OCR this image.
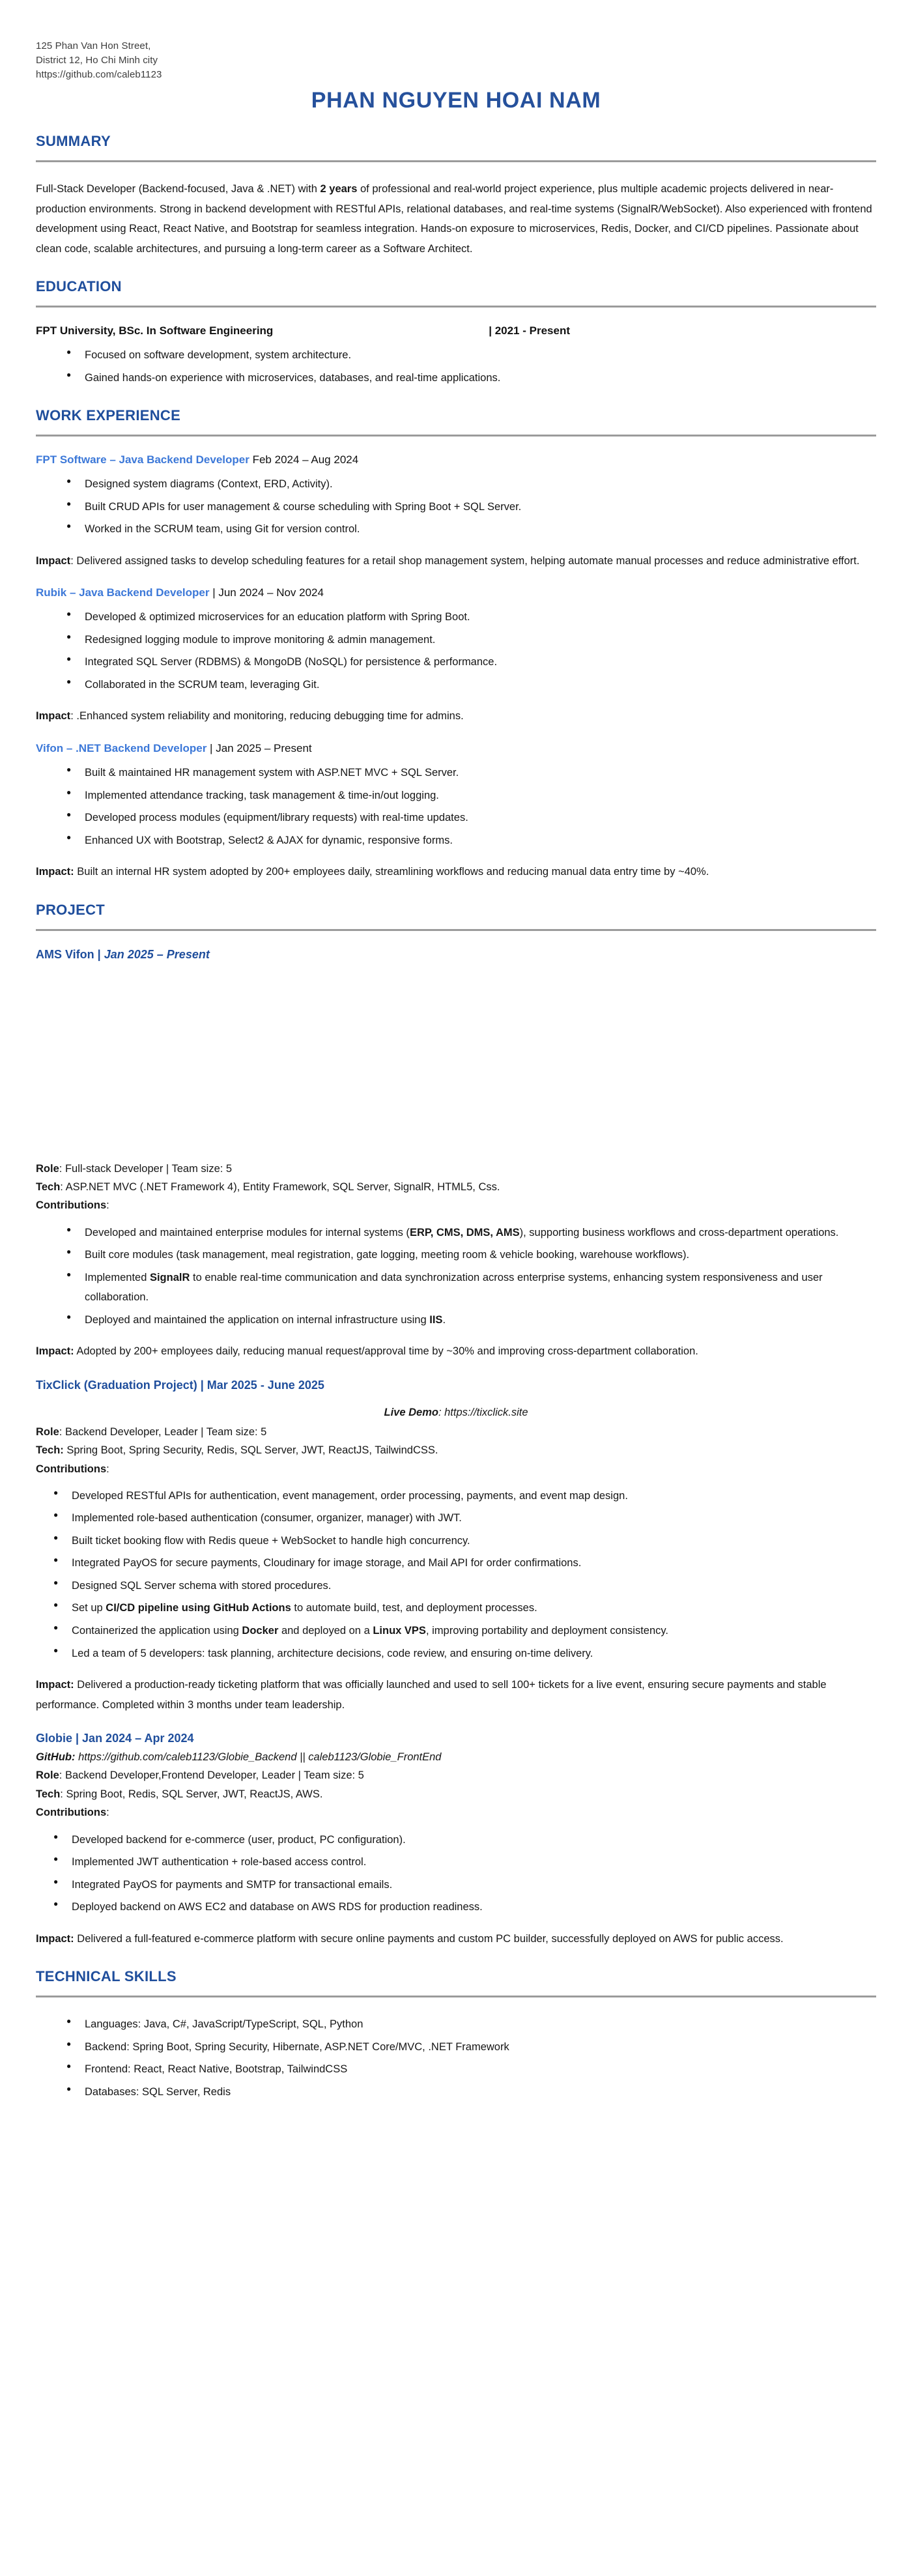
125 Phan Van Hon Street,
District 12, Ho Chi Minh city
https://github.com/caleb1123
PHAN NGUYEN HOAI NAM
SUMMARY

Full-Stack Developer (Backend-focused, Java & .NET) with 2 years of professional and real-world project experience, plus multiple academic projects delivered in near-production environments. Strong in backend development with RESTful APIs, relational databases, and real-time systems (SignalR/WebSocket). Also experienced with frontend development using React, React Native, and Bootstrap for seamless integration. Hands-on exposure to microservices, Redis, Docker, and CI/CD pipelines. Passionate about clean code, scalable architectures, and pursuing a long-term career as a Software Architect.

EDUCATION
FPT University, BSc. In Software Engineering	| 2021 - Present
● Focused on software development, system architecture.
● Gained hands-on experience with microservices, databases, and real-time applications.
WORK EXPERIENCE
FPT Software – Java Backend Developer Feb 2024 – Aug 2024
● Designed system diagrams (Context, ERD, Activity).
● Built CRUD APIs for user management & course scheduling with Spring Boot + SQL Server.
● Worked in the SCRUM team, using Git for version control.

Impact: Delivered assigned tasks to develop scheduling features for a retail shop management system, helping automate manual processes and reduce administrative effort.

Rubik – Java Backend Developer | Jun 2024 – Nov 2024
● Developed & optimized microservices for an education platform with Spring Boot.
● Redesigned logging module to improve monitoring & admin management.
● Integrated SQL Server (RDBMS) & MongoDB (NoSQL) for persistence & performance.
● Collaborated in the SCRUM team, leveraging Git.

Impact: .Enhanced system reliability and monitoring, reducing debugging time for admins.

Vifon – .NET Backend Developer | Jan 2025 – Present
● Built & maintained HR management system with ASP.NET MVC + SQL Server.
● Implemented attendance tracking, task management & time-in/out logging.
● Developed process modules (equipment/library requests) with real-time updates.
● Enhanced UX with Bootstrap, Select2 & AJAX for dynamic, responsive forms.

Impact: Built an internal HR system adopted by 200+ employees daily, streamlining workflows and reducing manual data entry time by ~40%.

PROJECT
AMS Vifon | Jan 2025 – Present

Role: Full-stack Developer | Team size: 5

Tech: ASP.NET MVC (.NET Framework 4), Entity Framework, SQL Server, SignalR, HTML5, Css.

Contributions:

● Developed and maintained enterprise modules for internal systems (ERP, CMS, DMS, AMS), supporting business workflows and cross-department operations.
● Built core modules (task management, meal registration, gate logging, meeting room & vehicle booking, warehouse workflows).
● Implemented SignalR to enable real-time communication and data synchronization across enterprise systems, enhancing system responsiveness and user collaboration.
● Deployed and maintained the application on internal infrastructure using IIS.

Impact: Adopted by 200+ employees daily, reducing manual request/approval time by ~30% and improving cross-department collaboration.

TixClick (Graduation Project) | Mar 2025 - June 2025
Live Demo: https://tixclick.site

Role: Backend Developer, Leader | Team size: 5

Tech: Spring Boot, Spring Security, Redis, SQL Server, JWT, ReactJS, TailwindCSS.

Contributions:

● Developed RESTful APIs for authentication, event management, order processing, payments, and event map design.
● Implemented role-based authentication (consumer, organizer, manager) with JWT.
● Built ticket booking flow with Redis queue + WebSocket to handle high concurrency.
● Integrated PayOS for secure payments, Cloudinary for image storage, and Mail API for order confirmations.
● Designed SQL Server schema with stored procedures.
● Set up CI/CD pipeline using GitHub Actions to automate build, test, and deployment processes.
● Containerized the application using Docker and deployed on a Linux VPS, improving portability and deployment consistency.
● Led a team of 5 developers: task planning, architecture decisions, code review, and ensuring on-time delivery.

Impact: Delivered a production-ready ticketing platform that was officially launched and used to sell 100+ tickets for a live event, ensuring secure payments and stable performance. Completed within 3 months under team leadership.

Globie | Jan 2024 – Apr 2024

GitHub: https://github.com/caleb1123/Globie_Backend || caleb1123/Globie_FrontEnd

Role: Backend Developer,Frontend Developer, Leader | Team size: 5

Tech: Spring Boot, Redis, SQL Server, JWT, ReactJS, AWS.

Contributions:

● Developed backend for e-commerce (user, product, PC configuration).
● Implemented JWT authentication + role-based access control.
● Integrated PayOS for payments and SMTP for transactional emails.
● Deployed backend on AWS EC2 and database on AWS RDS for production readiness.

Impact: Delivered a full-featured e-commerce platform with secure online payments and custom PC builder, successfully deployed on AWS for public access.

TECHNICAL SKILLS
● Languages: Java, C#, JavaScript/TypeScript, SQL, Python
● Backend: Spring Boot, Spring Security, Hibernate, ASP.NET Core/MVC, .NET Framework
● Frontend: React, React Native, Bootstrap, TailwindCSS
● Databases: SQL Server, Redis
